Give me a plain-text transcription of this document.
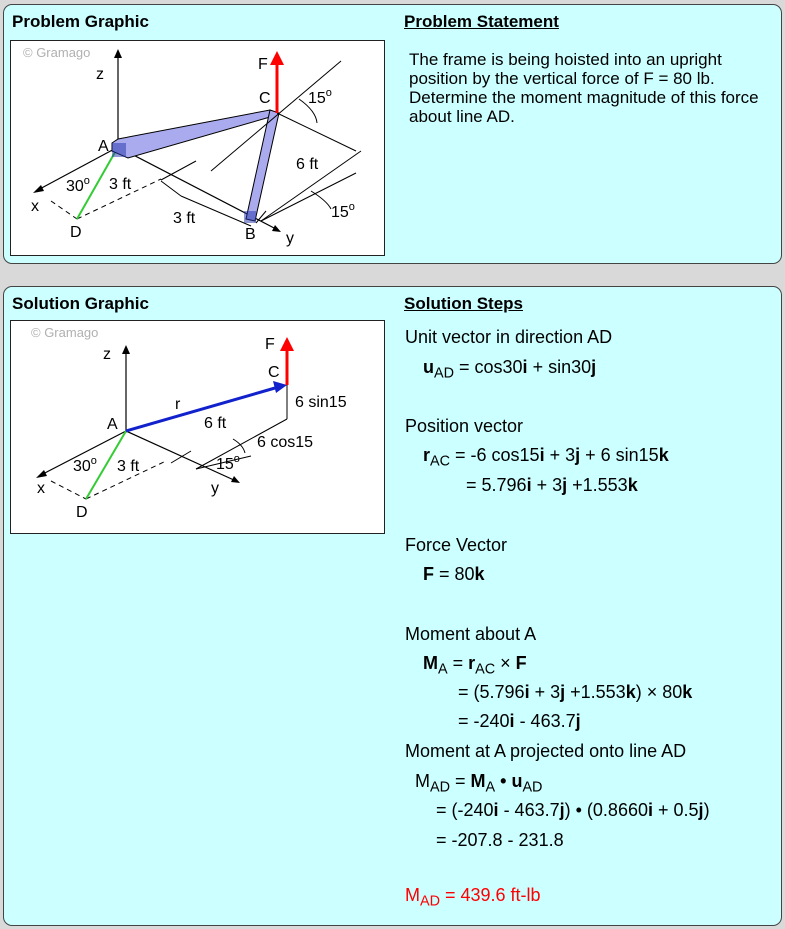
Problem Graphic	Problem Statement
F
z
C
A
B
D
x
y
15$^o$
15$^o$
30$^o$
6 ft
3 ft
3 ft
© Gramago	The frame is being hoisted into an upright position by the vertical force of F = 80 lb. Determine the moment magnitude of this force about line AD.
Solution Graphic	Solution Steps
F
z
C
A
D
x	y
r
6 ft
6 sin15
6 cos15
15$^o$
30$^o$ 3 ft
© Gramago	Unit vector in direction AD
$u_{AD} = \cos 30i + \sin 30j$
Position vector
$r_{AC} = -6$ cos15i + 3j + 6 sin15k
= 5.796i + 3j +1.553k
Force Vector
F = 80k
Moment about A
$M_A = r_{AC} \times F$
= (5.796i + 3j +1.553k) × 80k
= -240i - 463.7j
Moment at A projected onto line AD
$M_{AD} = M_A$ • $u_{AD}$
= (-240i - 463.7j) • (0.8660i + 0.5j)
= -207.8 - 231.8
$M_{AD} = 439.6$ ft-lb
